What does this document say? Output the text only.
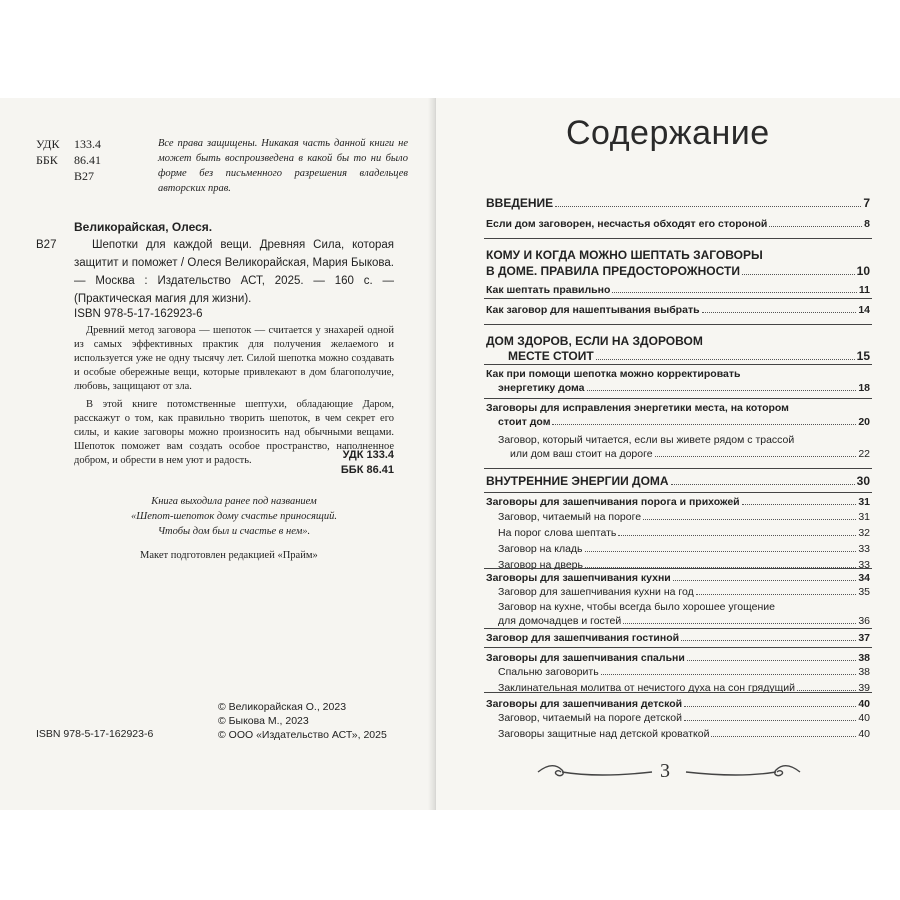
УДК 133.4
ББК 86.41
В27
Все права защищены. Никакая часть данной книги не может быть воспроизведена в какой бы то ни было форме без письменного разрешения владельцев авторских прав.
Великорайская, Олеся.
В27	Шепотки для каждой вещи. Древняя Сила, которая защитит и поможет / Олеся Великорайская, Мария Быкова. — Москва : Издательство АСТ, 2025. — 160 с. — (Практическая магия для жизни).
ISBN 978-5-17-162923-6

Древний метод заговора — шепоток — считается у знахарей одной из самых эффективных практик для получения желаемого и используется уже не одну тысячу лет. Силой шепотка можно создавать и особые обережные вещи, которые привлекают в дом благополучие, любовь, защищают от зла.

В этой книге потомственные шептухи, обладающие Даром, расскажут о том, как правильно творить шепоток, в чем секрет его силы, и какие заговоры можно произносить над обычными вещами. Шепоток поможет вам создать особое пространство, наполненное добром, и обрести в нем уют и радость.	УДК 133.4
ББК 86.41
Книга выходила ранее под названием
«Шепот-шепоток дому счастье приносящий.
Чтобы дом был и счастье в нем».
Макет подготовлен редакцией «Прайм»
ISBN 978-5-17-162923-6
© Великорайская О., 2023
© Быкова М., 2023
© ООО «Издательство АСТ», 2025
Содержание
ВВЕДЕНИЕ	7
Если дом заговорен, несчастья обходят его стороной	8
КОМУ И КОГДА МОЖНО ШЕПТАТЬ ЗАГОВОРЫ
В ДОМЕ. ПРАВИЛА ПРЕДОСТОРОЖНОСТИ	10
Как шептать правильно	11
Как заговор для нашептывания выбрать	14
ДОМ ЗДОРОВ, ЕСЛИ НА ЗДОРОВОМ
МЕСТЕ СТОИТ	15
Как при помощи шепотка можно корректировать
энергетику дома	18
Заговоры для исправления энергетики места, на котором
стоит дом	20
Заговор, который читается, если вы живете рядом с трассой
или дом ваш стоит на дороге	22
ВНУТРЕННИЕ ЭНЕРГИИ ДОМА	30
Заговоры для зашепчивания порога и прихожей	31
Заговор, читаемый на пороге	31
На порог слова шептать	32
Заговор на кладь	33
Заговор на дверь	33
Заговоры для зашепчивания кухни	34
Заговор для зашепчивания кухни на год	35
Заговор на кухне, чтобы всегда было хорошее угощение
для домочадцев и гостей	36
Заговор для зашепчивания гостиной	37
Заговоры для зашепчивания спальни	38
Спальню заговорить	38
Заклинательная молитва от нечистого духа на сон грядущий	39
Заговоры для зашепчивания детской	40
Заговор, читаемый на пороге детской	40
Заговоры защитные над детской кроваткой	40
3
